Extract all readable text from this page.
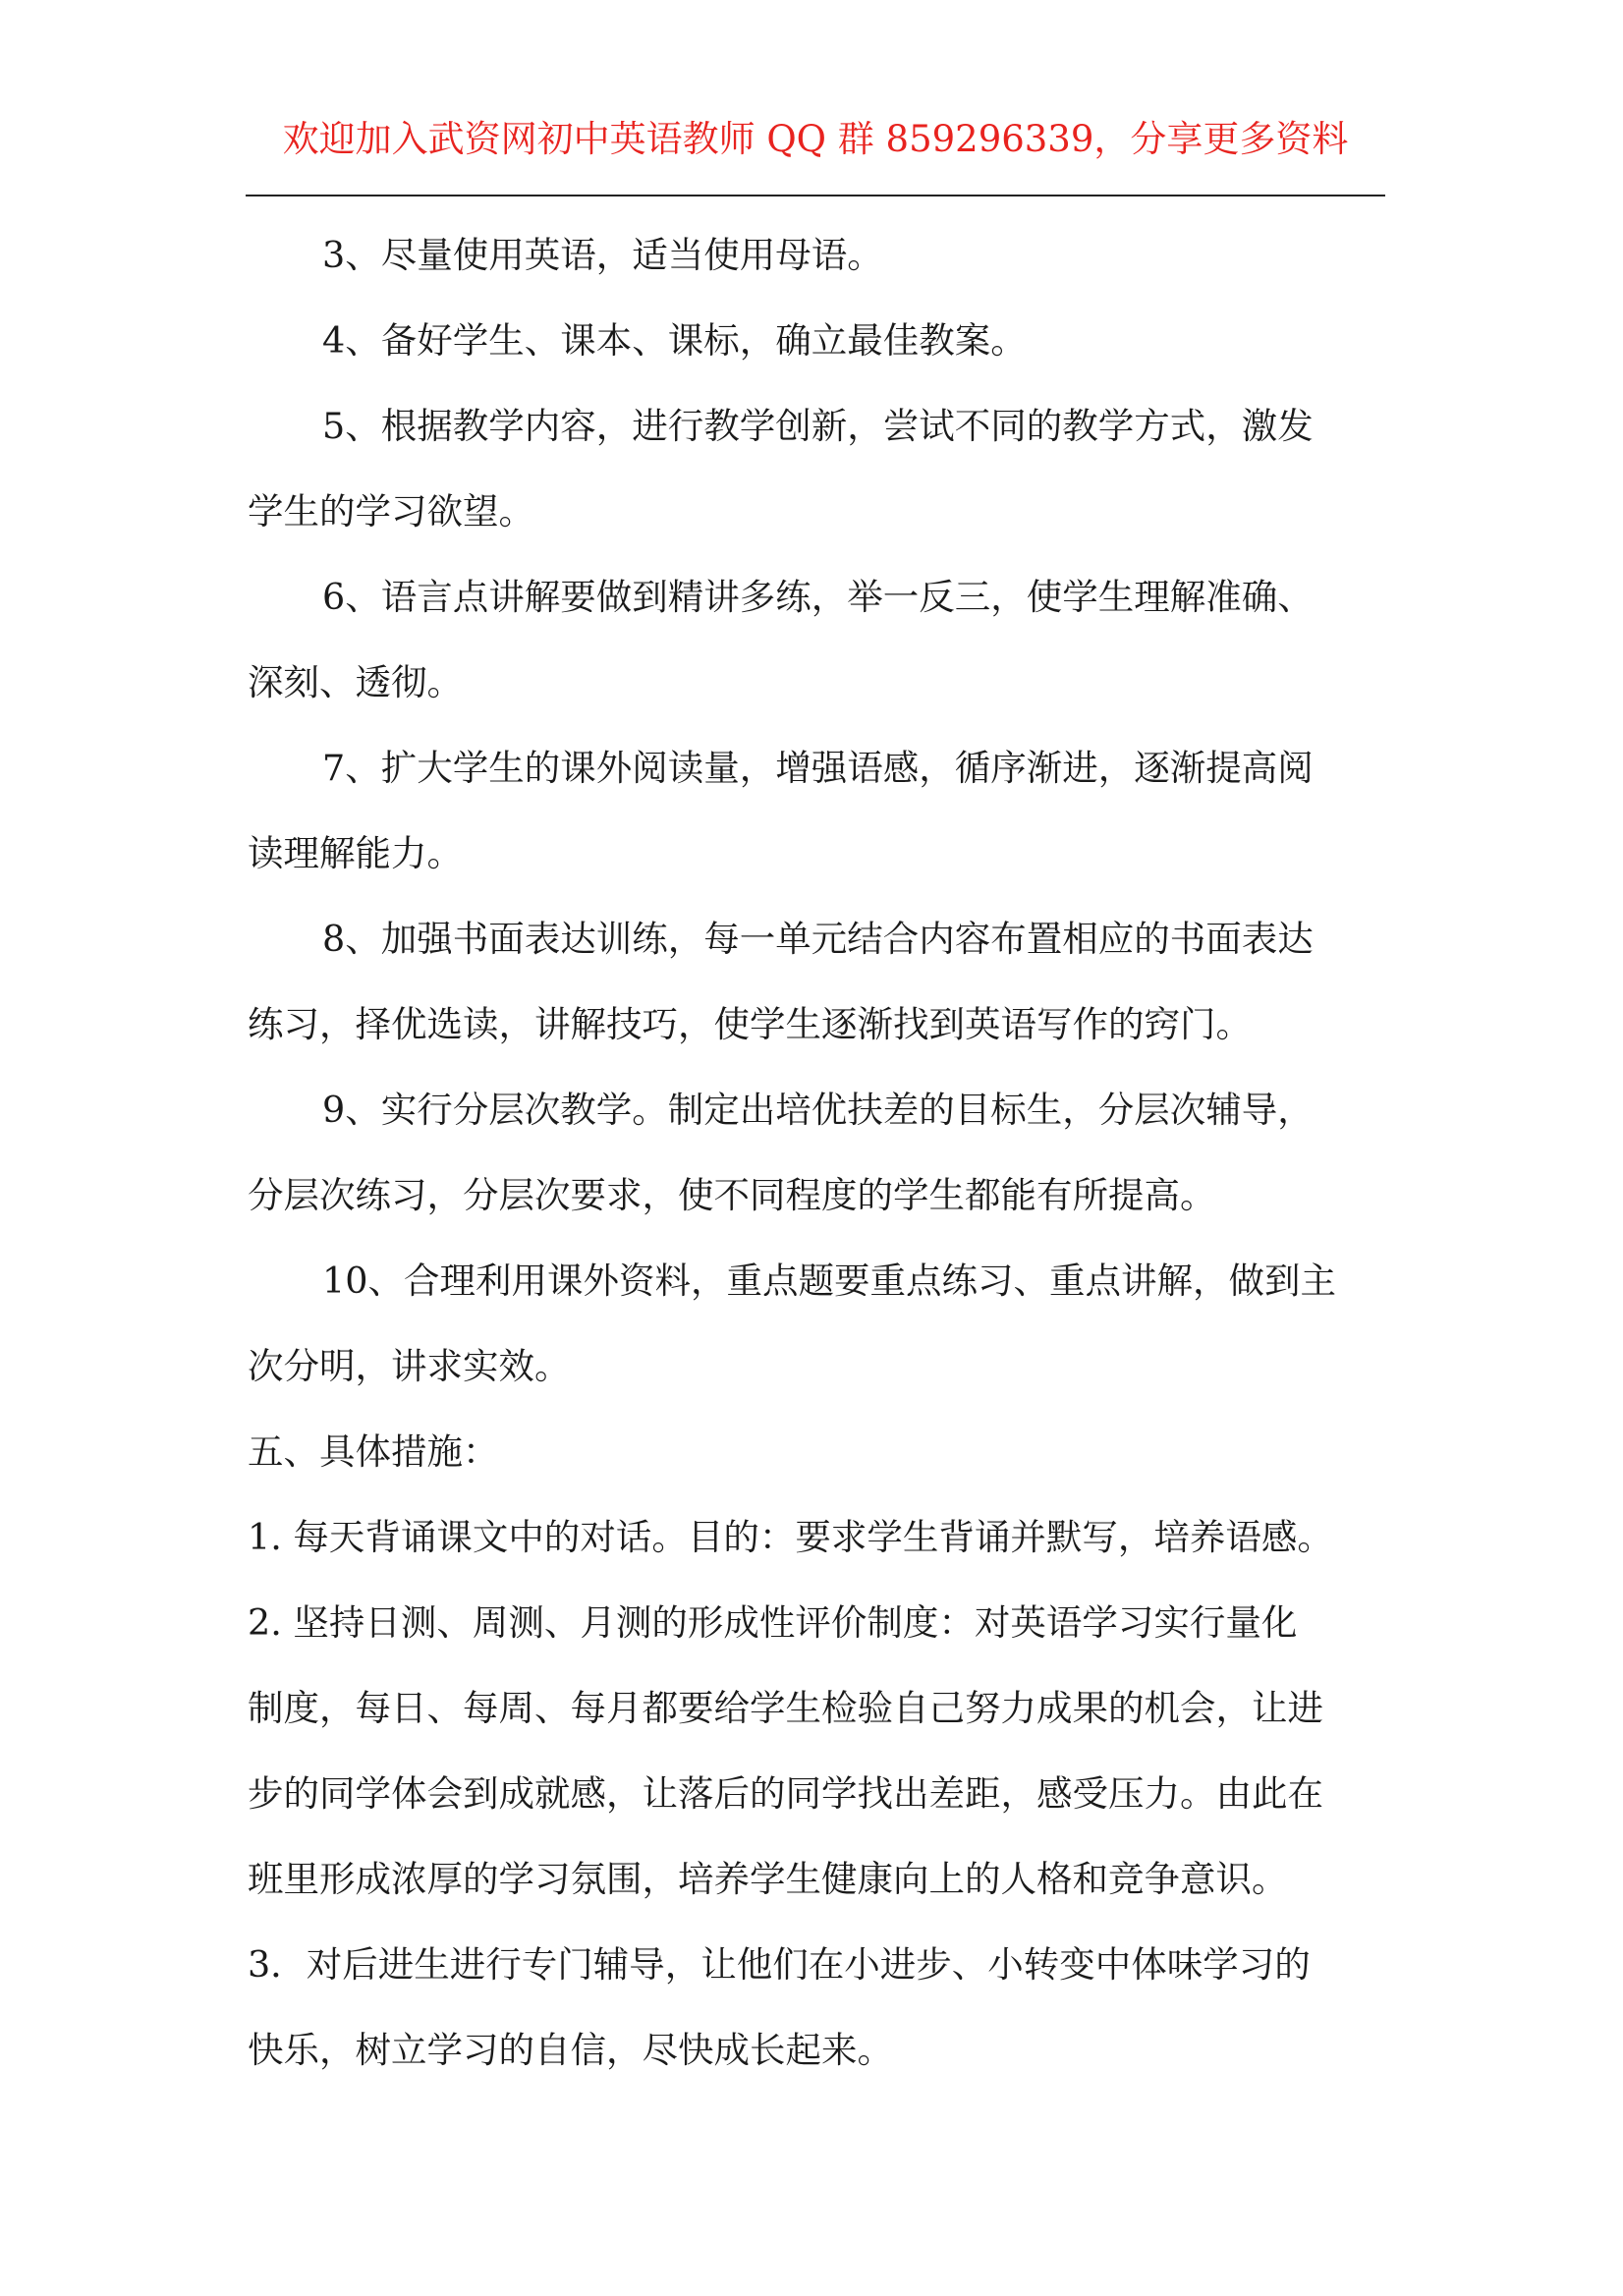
欢迎加入武资网初中英语教师 QQ 群 859296339，分享更多资料
3、尽量使用英语，适当使用母语。
4、备好学生、课本、课标，确立最佳教案。
5、根据教学内容，进行教学创新，尝试不同的教学方式，激发
学生的学习欲望。
6、语言点讲解要做到精讲多练，举一反三，使学生理解准确、
深刻、透彻。
7、扩大学生的课外阅读量，增强语感，循序渐进，逐渐提高阅
读理解能力。
8、加强书面表达训练，每一单元结合内容布置相应的书面表达
练习，择优选读，讲解技巧，使学生逐渐找到英语写作的窍门。
9、实行分层次教学。制定出培优扶差的目标生，分层次辅导，
分层次练习，分层次要求，使不同程度的学生都能有所提高。
10、合理利用课外资料，重点题要重点练习、重点讲解，做到主
次分明，讲求实效。
五、具体措施：
1. 每天背诵课文中的对话。目的：要求学生背诵并默写，培养语感。
2. 坚持日测、周测、月测的形成性评价制度：对英语学习实行量化
制度，每日、每周、每月都要给学生检验自己努力成果的机会，让进
步的同学体会到成就感，让落后的同学找出差距，感受压力。由此在
班里形成浓厚的学习氛围，培养学生健康向上的人格和竞争意识。
3．对后进生进行专门辅导，让他们在小进步、小转变中体味学习的
快乐，树立学习的自信，尽快成长起来。
